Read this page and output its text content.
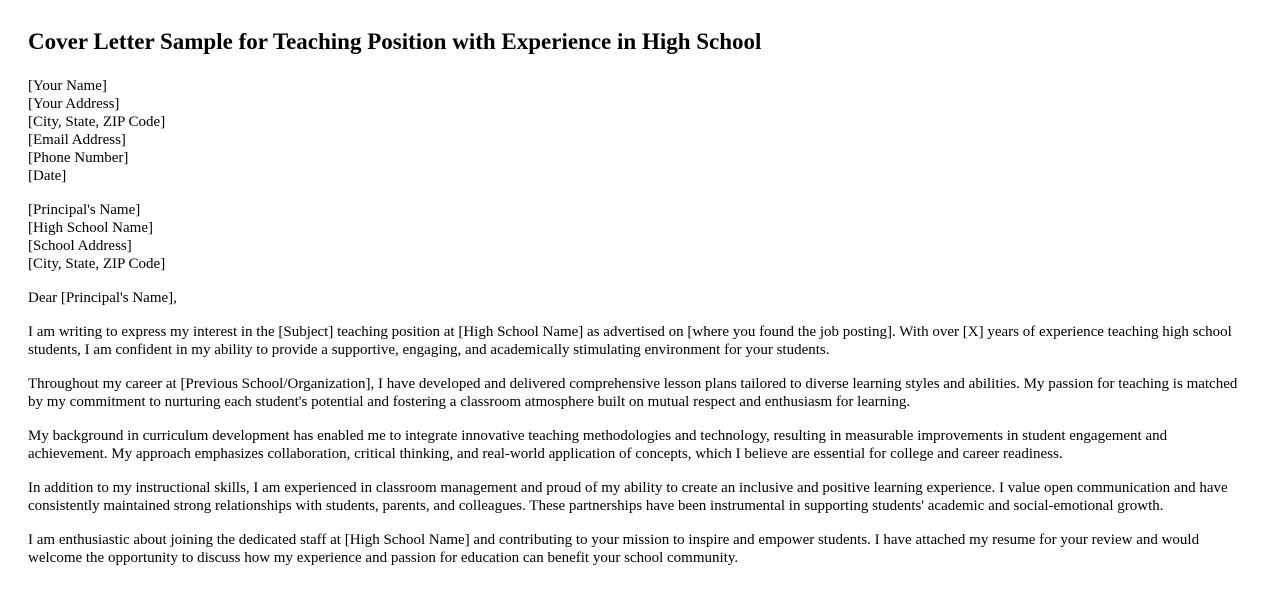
Cover Letter Sample for Teaching Position with Experience in High School
[Your Name]
[Your Address]
[City, State, ZIP Code]
[Email Address]
[Phone Number]
[Date]
[Principal's Name]
[High School Name]
[School Address]
[City, State, ZIP Code]

Dear [Principal's Name],

I am writing to express my interest in the [Subject] teaching position at [High School Name] as advertised on [where you found the job posting]. With over [X] years of experience teaching high school students, I am confident in my ability to provide a supportive, engaging, and academically stimulating environment for your students.

Throughout my career at [Previous School/Organization], I have developed and delivered comprehensive lesson plans tailored to diverse learning styles and abilities. My passion for teaching is matched by my commitment to nurturing each student's potential and fostering a classroom atmosphere built on mutual respect and enthusiasm for learning.

My background in curriculum development has enabled me to integrate innovative teaching methodologies and technology, resulting in measurable improvements in student engagement and achievement. My approach emphasizes collaboration, critical thinking, and real-world application of concepts, which I believe are essential for college and career readiness.

In addition to my instructional skills, I am experienced in classroom management and proud of my ability to create an inclusive and positive learning experience. I value open communication and have consistently maintained strong relationships with students, parents, and colleagues. These partnerships have been instrumental in supporting students' academic and social-emotional growth.

I am enthusiastic about joining the dedicated staff at [High School Name] and contributing to your mission to inspire and empower students. I have attached my resume for your review and would welcome the opportunity to discuss how my experience and passion for education can benefit your school community.
